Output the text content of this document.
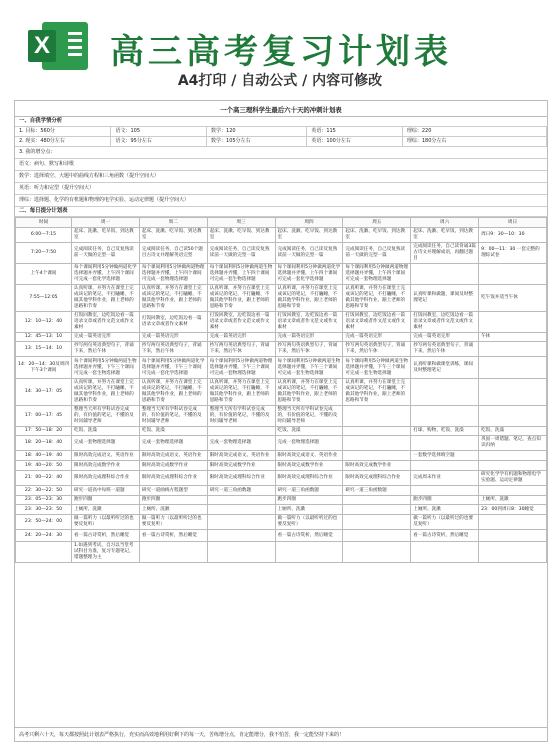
X 高三高考复习计划表
A4打印 / 自动公式 / 内容可修改
一个高三理科学生最后六十天的冲刺计划表
一、自我学情分析
1. 目标：560分	语文：105	数学：120	英语：115	理综：220
2. 现实：480分左右	语文：95分左右	数学：105分左右	英语：100分左右	理综：180分左右
3. 我的增分点：
语文：病句、默写和诗歌
数学：选择填空、大题中的曲线方程和三角函数（提升空间大）
英语：听力和完型（提升空间大）
理综：选择题、化学的有机题和物理的电学实验、运动定律题（提升空间大）
二、每日提分计划表
时间	周一	周二	周三	周四	周五	周六	周日
6:00—7:15	起床、洗漱、吃早饭、到达教室	起床、洗漱、吃早饭、到达教室	起床、洗漱、吃早饭、到达教室	起床、洗漱、吃早饭、到达教室	起床、洗漱、吃早饭、到达教室	起床、洗漱、吃早饭、到达教室	周日9：30—10：30
7:20—7:50	完成阅读任务，自己反复熟读前一天做的完型一篇	完成阅读任务，自己读50个题目古诗文并理解英语完型	完成阅读任务，自己读反复熟读前一天做的完型一篇	完成阅读任务，自己读反复熟读前一天做的完型一篇	完成阅读任务，自己反复熟读前一天做的完型一篇	完成阅读任务，自己读背诵3篇古诗文并理解成语，再翻过题目	9：00—11：30 一套完整的理综试卷
上午4个课间	每个课间利用5分钟做两道化学选择题并弄懂，上午四个课间可完成一套化学选择题	每个课间利用5分钟做两道物理选择题并弄懂，上午四个课间可完成一套物理选择题	每个课间利用5分钟做两道生物选择题并弄懂，上午四个课间可完成一套生物选择题	每个课间利用5分钟做两道化学选择题并弄懂，上午四个课间可完成一套化学选择题	每个课间利用5分钟做两道物理选择题并弄懂，上午四个课间可完成一套物理选择题		
7:55—12:05	认真听课，并努力在课堂上完成该记的笔记，不打瞌睡，不做其他学科作业，跟上老师的思路和节奏	认真听课，并努力在课堂上完成该记的笔记，不打瞌睡，不做其他学科作业，跟上老师的思路和节奏	认真听课，并努力在课堂上完成该记的笔记，不打瞌睡，不做其他学科作业，跟上老师的思路和节奏	认真听课，并努力在课堂上完成该记的笔记，不打瞌睡，不做其他学科作业，跟上老师的思路和节奏	认真听课，并努力在课堂上完成该记的笔记，不打瞌睡，不做其他学科作业，跟上老师的思路和节奏	认真听课和做题，课间及时整理笔记	吃午饭并适当午休
12：10—12：40	打饭回教室，边吃饭边看一篇语录文章或者作文范文或作文素材	打饭回教室，边吃饭边看一篇语录文章或者作文素材	打饭回教室，边吃饭边看一篇语录文章或者作文范文或作文素材	打饭回教室，边吃饭边看一篇语录文章或者作文范文或作文素材	打饭回教室，边吃饭边看一篇语录文章或者作文范文或作文素材	打饭回教室，边吃饭边看一篇语录文章或者作文范文或作文素材	
12：45—13：10	完成一篇英语完形	完成一篇英语完形	完成一篇英语完形	完成一篇英语完形	完成一篇英语完形	完成一篇英语完形	午休
13：15—14：10	抄写两句英语典型句子，背诵下来，然后午休	抄写两句英语典型句子，背诵下来，然后午休	抄写两句英语典型句子，背诵下来，然后午休	抄写两句英语典型句子，背诵下来，然后午休	抄写两句英语典型句子，背诵下来，然后午休	抄写两句英语典型句子，背诵下来，然后午休	
14：20—14：30及周四下午3个课间	每个课间利用5分钟做两道生物选择题并弄懂，下午三个课间可完成一套生物选择题	每个课间利用5分钟做两道化学选择题并弄懂，下午三个课间可完成一套化学选择题	每个课间利用5分钟做两道物理选择题并弄懂，下午三个课间可完成一套物理选择题	每个课间利用5分钟做两道生物选择题并弄懂，下午三个课间可完成一套生物选择题	每个课间利用5分钟做两道生物选择题并弄懂，下午三个课间可完成一套生物选择题	认真听课和做课堂训练，课间及时整理笔记	
14：30—17：05	认真听课，并努力在课堂上完成该记的笔记，不打瞌睡，不做其他学科作业，跟上老师的思路和节奏	认真听课，并努力在课堂上完成该记的笔记，不打瞌睡，不做其他学科作业，跟上老师的思路和节奏	认真听课，并努力在课堂上完成该记的笔记，不打瞌睡，不做其他学科作业，跟上老师的思路和节奏	认真听课，并努力在课堂上完成该记的笔记，不打瞌睡，不做其他学科作业，跟上老师的思路和节奏	认真听课，并努力在课堂上完成该记的笔记，不打瞌睡，不做其他学科作业，跟上老师的思路和节奏		
17：00—17：45	整理当天所有学科试卷完成的，有价值的笔记，不懂的及时问辅导老师	整理当天所有学科试卷完成的，有价值的笔记，不懂的及时问辅导老师	整理当天所有学科试卷完成的，有价值的笔记，不懂的及时问辅导老师	整理当天所有学科试卷完成的，有价值的笔记，不懂的及时问辅导老师			
17：50—18：20	吃饭、洗澡	吃饭、洗澡		吃饭、洗澡		打球、购物、吃饭、洗澡	吃饭、洗澡
18：20—18：40	完成一套物理选择题	完成一套物理选择题	完成一套物理选择题	完成一套物理选择题			巩固一周错题、笔记，查点知识归纳
18：40—19：40	限时高效完成语文、英语作业	限时高效完成语文、英语作业	限时高效完成语文、英语作业	限时高效完成语文、英语作业		一套数学选择填空题	
19：40—20：50	限时高效完成数学作业	限时高效完成数学作业	限时高效完成数学作业	限时高效完成数学作业	限时高效完成数学作业		
21：00—22：40	限时高效完成理科综合作业	限时高效完成理科综合作业	限时高效完成理科综合作业	限时高效完成理科综合作业	限时高效完成理科综合作业	完成周末作业	研究化学学有机题和物理电学实验题、运动定律题
22：30—22：50	研究一道高中每班一道题	研究一道曲线方程题型	研究一道三角函数题	研究一道三角函数题	研究一道三角函数题		
23：05—23：30	跑步四圈	跑步四圈		跑步四圈		跑步四圈	上厕所、洗漱
23：30—23：50	上厕所、洗漱	上厕所、洗漱		上厕所、洗漱		上厕所、洗漱	23：00到周日8：30睡觉
23：50—24：00	做一篇听力（以最听听过的也要反复听）	做一篇听力（以最听听过的也要反复听）		做一篇听力（以最听听过的也要反复听）		做一篇听力（以最听过的也要反复听）	
24：20—24：30	看一篇古诗赏析，然后睡觉	看一篇古诗赏析，然后睡觉		看一篇古诗赏析，然后睡觉		看一篇古诗赏析，然后睡觉	
	1.如遇到考试，自习以当堂考试科目为准，复习专题笔记，错题整理为主						
高考只剩六十天，每天都按照此计划表严格执行，充实而高效地利用好剩下的每一天，苦练增分点，肯定能增分，我不怕苦，我一定能坚持下来的！
